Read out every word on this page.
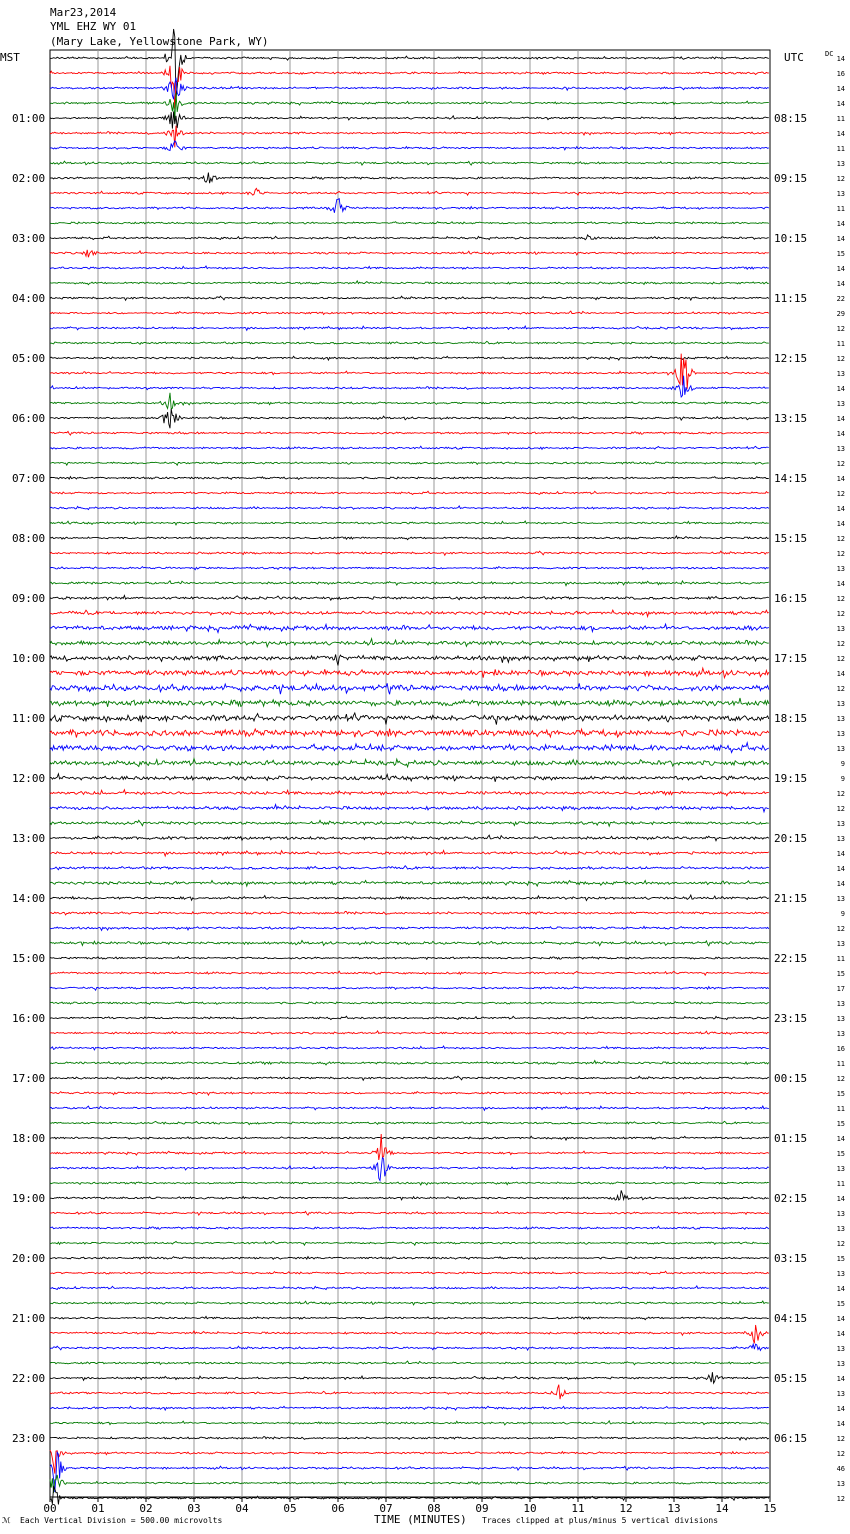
Mar23,2014
YML EHZ WY 01
(Mary Lake, Yellowstone Park, WY)
MST	UTC	DC
01:00
02:00
03:00
04:00
05:00
06:00
07:00
08:00
09:00
10:00
11:00
12:00
13:00
14:00
15:00
16:00
17:00
18:00
19:00
20:00
21:00
22:00
23:00
08:15
09:15
10:15
11:15
12:15
13:15
14:15
15:15
16:15
17:15
18:15
19:15
20:15
21:15
22:15
23:15
00:15
01:15
02:15
03:15
04:15
05:15
06:15
14
16
14
14
11
14
11
13
12
13
11
14
14
15
14
14
22
29
12
11
12
13
14
13
14
14
13
12
14
12
14
14
12
12
13
14
12
12
13
12
12
14
12
13
13
13
13
9
9
12
12
13
13
14
14
14
13
9
12
13
11
15
17
13
13
13
16
11
12
15
11
15
14
15
13
11
14
13
13
12
15
13
14
15
14
14
13
13
14
13
14
14
12
12
46
13
12
00	01	02	03	04	05	06	07	08	09	10	11	12	13	14	15
ℳ Each Vertical Division = 500.00 microvolts	TIME (MINUTES) Traces clipped at plus/minus 5 vertical divisions
